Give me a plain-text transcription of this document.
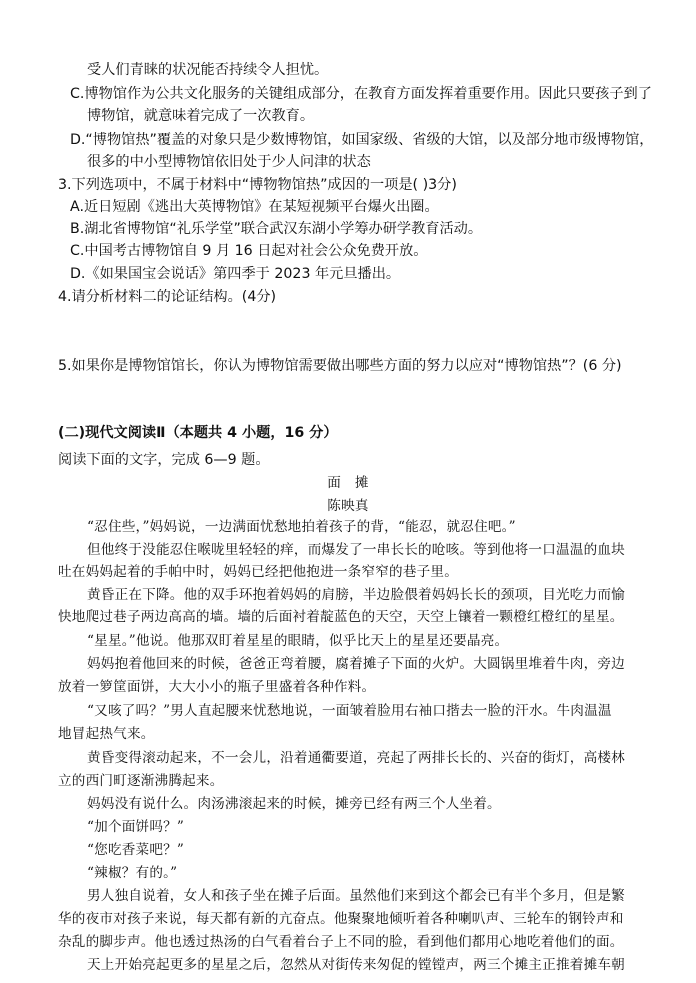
受人们青睐的状况能否持续令人担忧。
C.博物馆作为公共文化服务的关键组成部分，在教育方面发挥着重要作用。因此只要孩子到了
博物馆，就意味着完成了一次教育。
D.“博物馆热”覆盖的对象只是少数博物馆，如国家级、省级的大馆，以及部分地市级博物馆，
很多的中小型博物馆依旧处于少人问津的状态
3.下列选项中，不属于材料中“博物物馆热”成因的一项是( )3分)
A.近日短剧《逃出大英博物馆》在某短视频平台爆火出圈。
B.湖北省博物馆“礼乐学堂”联合武汉东湖小学筹办研学教育活动。
C.中国考古博物馆自 9 月 16 日起对社会公众免费开放。
D.《如果国宝会说话》第四季于 2023 年元旦播出。
4.请分析材料二的论证结构。(4分)
5.如果你是博物馆馆长，你认为博物馆需要做出哪些方面的努力以应对“博物馆热”？(6 分)
(二)现代文阅读Ⅱ（本题共 4 小题，16 分）
阅读下面的文字，完成 6—9 题。
面　摊
陈映真
“忍住些，”妈妈说，一边满面忧愁地拍着孩子的背，“能忍，就忍住吧。”
但他终于没能忍住喉咙里轻轻的痒，而爆发了一串长长的呛咳。等到他将一口温温的血块
吐在妈妈起着的手帕中时，妈妈已经把他抱进一条窄窄的巷子里。
黄昏正在下降。他的双手环抱着妈妈的肩膀，半边脸偎着妈妈长长的颈项，目光吃力而愉
快地爬过巷子两边高高的墙。墙的后面衬着靛蓝色的天空，天空上镶着一颗橙红橙红的星星。
“星星。”他说。他那双盯着星星的眼睛，似乎比天上的星星还要晶亮。
妈妈抱着他回来的时候，爸爸正弯着腰，腐着摊子下面的火炉。大圆锅里堆着牛肉，旁边
放着一箩筐面饼，大大小小的瓶子里盛着各种作料。
“又咳了吗？”男人直起腰来忧愁地说，一面皱着脸用右袖口揩去一脸的汗水。牛肉温温
地冒起热气来。
黄昏变得滚动起来，不一会儿，沿着通衢要道，亮起了两排长长的、兴奋的街灯，高楼林
立的西门町逐渐沸腾起来。
妈妈没有说什么。肉汤沸滚起来的时候，摊旁已经有两三个人坐着。
“加个面饼吗？”
“您吃香菜吧？”
“辣椒？有的。”
男人独自说着，女人和孩子坐在摊子后面。虽然他们来到这个都会已有半个多月，但是繁
华的夜市对孩子来说，每天都有新的亢奋点。他聚聚地倾听着各种喇叭声、三轮车的钢铃声和
杂乱的脚步声。他也透过热汤的白气看着台子上不同的脸，看到他们都用心地吃着他们的面。
天上开始亮起更多的星星之后，忽然从对街传来匆促的镗镗声，两三个摊主正推着摊车朝
